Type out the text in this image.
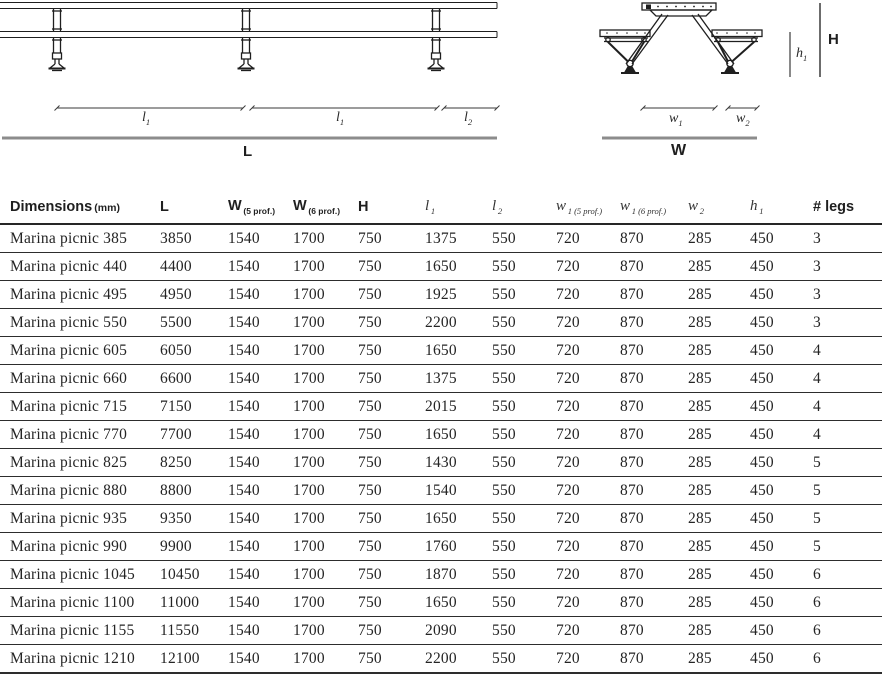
$l_1$	$l_1$	$l_2$
L
$h_1$
H
$w_1$	$w_2$
W
Dimensions (mm)	L	W $_{(5 prof.)}$	W $_{(6 prof.)}$	H	l $_1$	l $_2$	w $_{1 (5 prof.)}$	w $_{1 (6 prof.)}$	w $_2$	h $_1$	# legs
Marina picnic 385	3850	1540	1700	750	1375	550	720	870	285	450	3
Marina picnic 440	4400	1540	1700	750	1650	550	720	870	285	450	3
Marina picnic 495	4950	1540	1700	750	1925	550	720	870	285	450	3
Marina picnic 550	5500	1540	1700	750	2200	550	720	870	285	450	3
Marina picnic 605	6050	1540	1700	750	1650	550	720	870	285	450	4
Marina picnic 660	6600	1540	1700	750	1375	550	720	870	285	450	4
Marina picnic 715	7150	1540	1700	750	2015	550	720	870	285	450	4
Marina picnic 770	7700	1540	1700	750	1650	550	720	870	285	450	4
Marina picnic 825	8250	1540	1700	750	1430	550	720	870	285	450	5
Marina picnic 880	8800	1540	1700	750	1540	550	720	870	285	450	5
Marina picnic 935	9350	1540	1700	750	1650	550	720	870	285	450	5
Marina picnic 990	9900	1540	1700	750	1760	550	720	870	285	450	5
Marina picnic 1045	10450	1540	1700	750	1870	550	720	870	285	450	6
Marina picnic 1100	11000	1540	1700	750	1650	550	720	870	285	450	6
Marina picnic 1155	11550	1540	1700	750	2090	550	720	870	285	450	6
Marina picnic 1210	12100	1540	1700	750	2200	550	720	870	285	450	6
